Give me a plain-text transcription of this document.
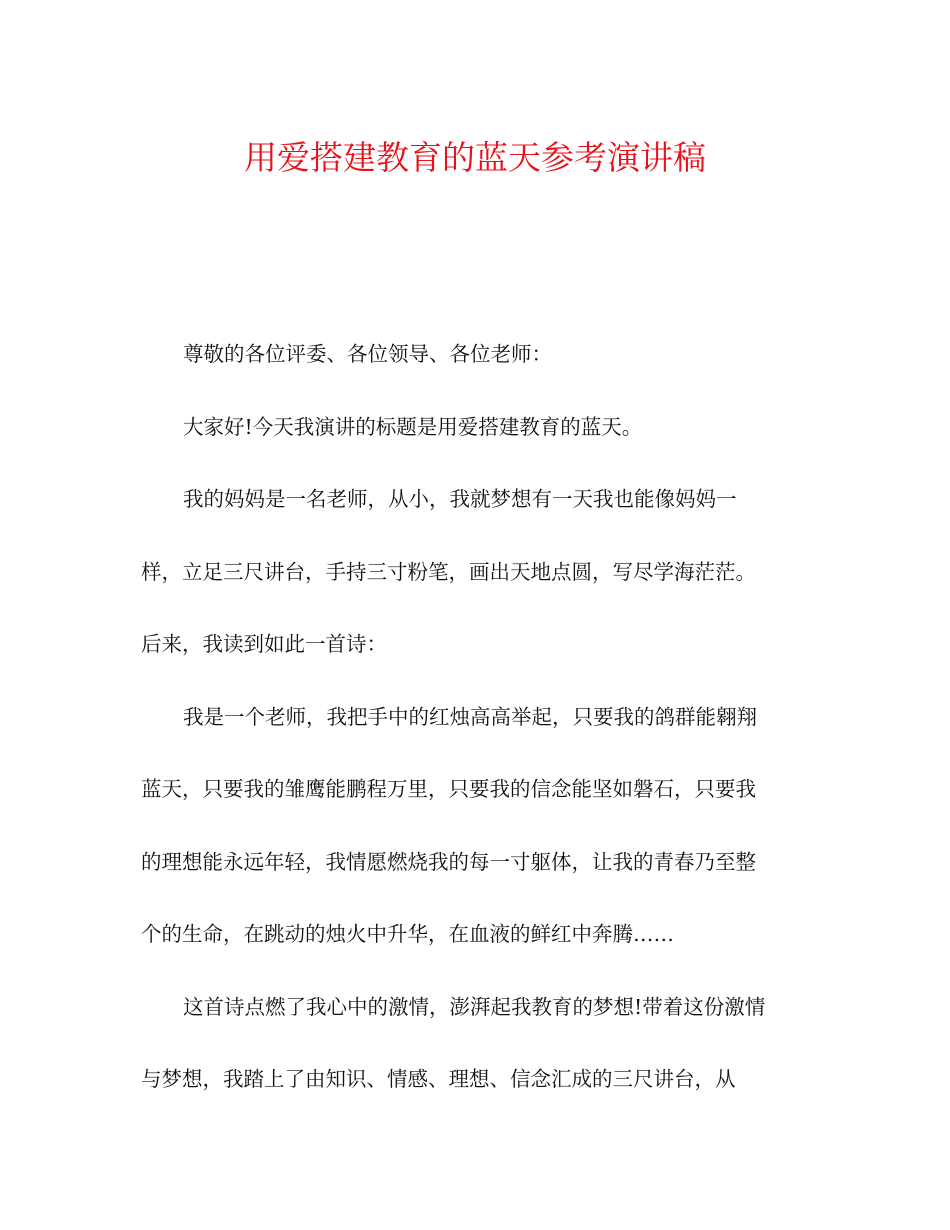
用爱搭建教育的蓝天参考演讲稿
尊敬的各位评委、各位领导、各位老师：
大家好!今天我演讲的标题是用爱搭建教育的蓝天。
我的妈妈是一名老师，从小，我就梦想有一天我也能像妈妈一
样，立足三尺讲台，手持三寸粉笔，画出天地点圆，写尽学海茫茫。
后来，我读到如此一首诗：
我是一个老师，我把手中的红烛高高举起，只要我的鸽群能翱翔
蓝天，只要我的雏鹰能鹏程万里，只要我的信念能坚如磐石，只要我
的理想能永远年轻，我情愿燃烧我的每一寸躯体，让我的青春乃至整
个的生命，在跳动的烛火中升华，在血液的鲜红中奔腾……
这首诗点燃了我心中的激情，澎湃起我教育的梦想!带着这份激情
与梦想，我踏上了由知识、情感、理想、信念汇成的三尺讲台，从
